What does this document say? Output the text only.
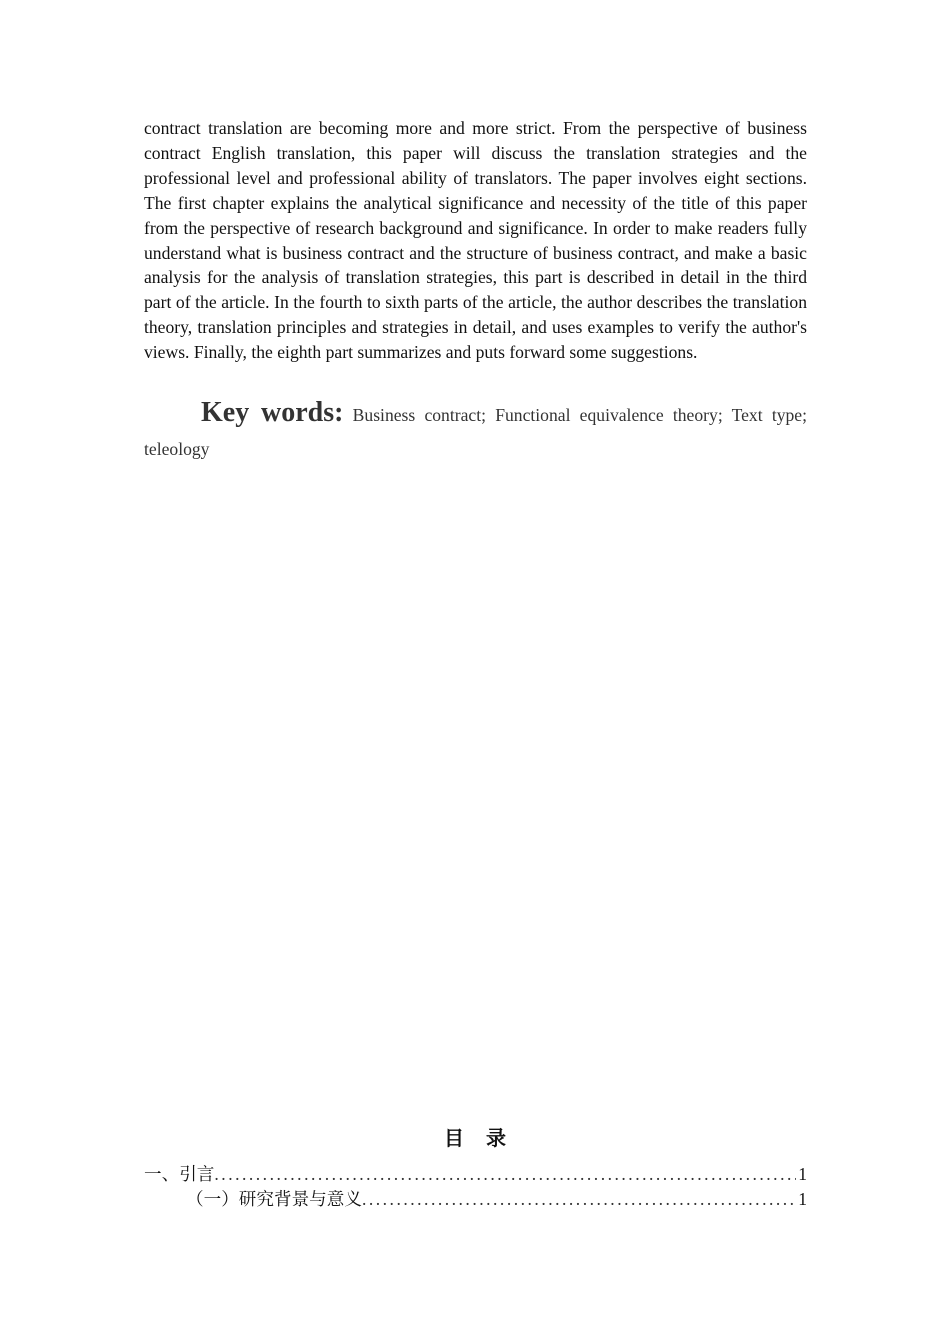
contract translation are becoming more and more strict. From the perspective of business contract English translation, this paper will discuss the translation strategies and the professional level and professional ability of translators. The paper involves eight sections. The first chapter explains the analytical significance and necessity of the title of this paper from the perspective of research background and significance. In order to make readers fully understand what is business contract and the structure of business contract, and make a basic analysis for the analysis of translation strategies, this part is described in detail in the third part of the article. In the fourth to sixth parts of the article, the author describes the translation theory, translation principles and strategies in detail, and uses examples to verify the author's views. Finally, the eighth part summarizes and puts forward some suggestions.

Key words: Business contract; Functional equivalence theory; Text type; teleology

目录
一、引言 .....	1
（一）研究背景与意义 .....	1
